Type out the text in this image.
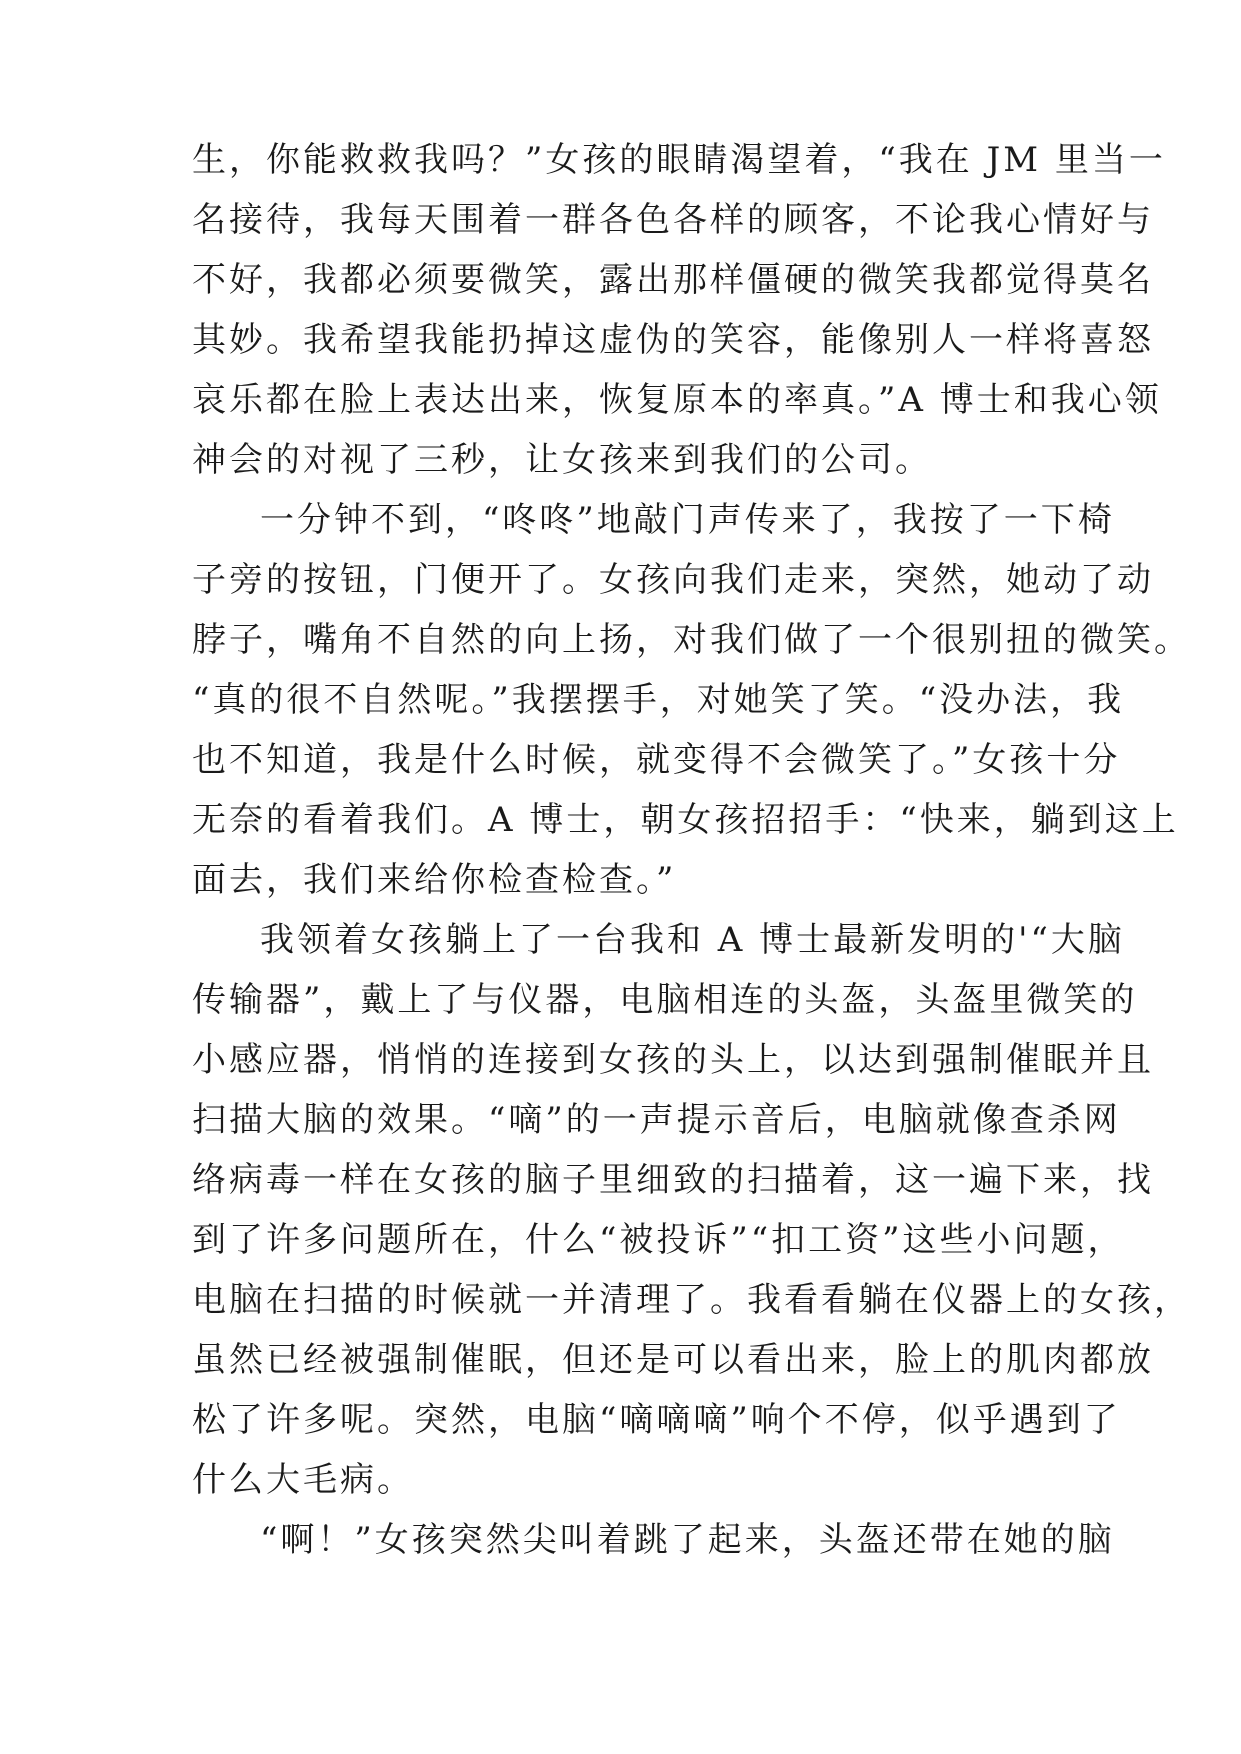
生，你能救救我吗？”女孩的眼睛渴望着，“我在 JM 里当一
名接待，我每天围着一群各色各样的顾客，不论我心情好与
不好，我都必须要微笑，露出那样僵硬的微笑我都觉得莫名
其妙。我希望我能扔掉这虚伪的笑容，能像别人一样将喜怒
哀乐都在脸上表达出来，恢复原本的率真。”A 博士和我心领
神会的对视了三秒，让女孩来到我们的公司。
一分钟不到，“咚咚”地敲门声传来了，我按了一下椅
子旁的按钮，门便开了。女孩向我们走来，突然，她动了动
脖子，嘴角不自然的向上扬，对我们做了一个很别扭的微笑。
“真的很不自然呢。”我摆摆手，对她笑了笑。“没办法，我
也不知道，我是什么时候，就变得不会微笑了。”女孩十分
无奈的看着我们。A 博士，朝女孩招招手：“快来，躺到这上
面去，我们来给你检查检查。”
我领着女孩躺上了一台我和 A 博士最新发明的'“大脑
传输器”，戴上了与仪器，电脑相连的头盔，头盔里微笑的
小感应器，悄悄的连接到女孩的头上，以达到强制催眠并且
扫描大脑的效果。“嘀”的一声提示音后，电脑就像查杀网
络病毒一样在女孩的脑子里细致的扫描着，这一遍下来，找
到了许多问题所在，什么“被投诉”“扣工资”这些小问题，
电脑在扫描的时候就一并清理了。我看看躺在仪器上的女孩，
虽然已经被强制催眠，但还是可以看出来，脸上的肌肉都放
松了许多呢。突然，电脑“嘀嘀嘀”响个不停，似乎遇到了
什么大毛病。
“啊！”女孩突然尖叫着跳了起来，头盔还带在她的脑
